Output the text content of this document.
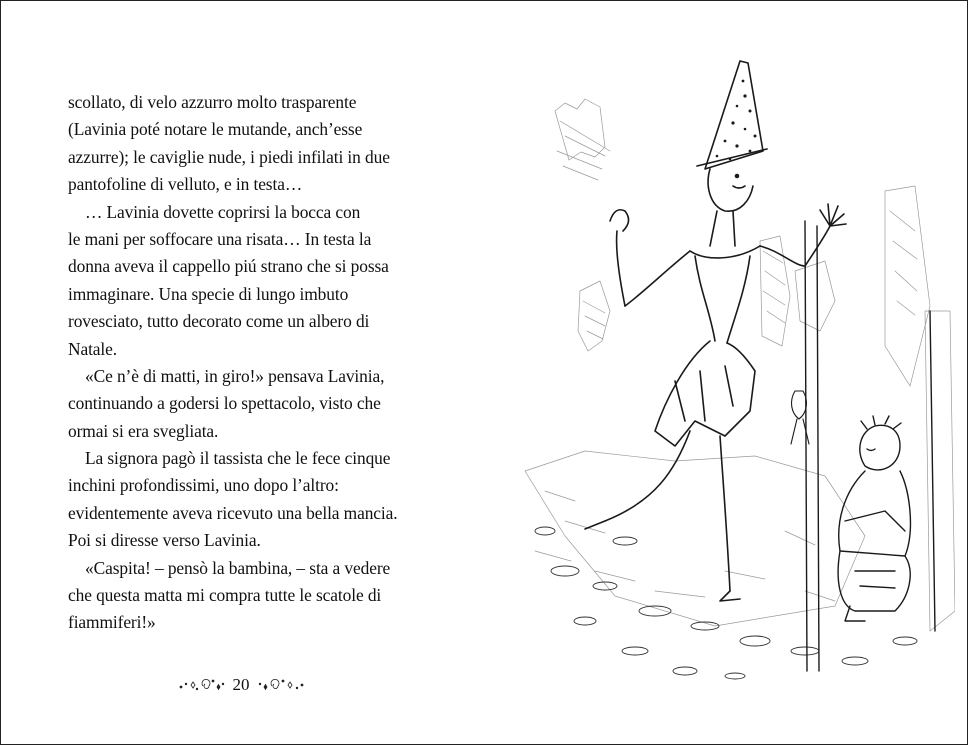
scollato, di velo azzurro molto trasparente
(Lavinia poté notare le mutande, anch’esse
azzurre); le caviglie nude, i piedi infilati in due
pantofoline di velluto, e in testa…
… Lavinia dovette coprirsi la bocca con
le mani per soffocare una risata… In testa la
donna aveva il cappello piú strano che si possa
immaginare. Una specie di lungo imbuto
rovesciato, tutto decorato come un albero di
Natale.
«Ce n’è di matti, in giro!» pensava Lavinia,
continuando a godersi lo spettacolo, visto che
ormai si era svegliata.
La signora pagò il tassista che le fece cinque
inchini profondissimi, uno dopo l’altro:
evidentemente aveva ricevuto una bella mancia.
Poi si diresse verso Lavinia.
«Caspita! – pensò la bambina, – sta a vedere
che questa matta mi compra tutte le scatole di
fiammiferi!»
20
